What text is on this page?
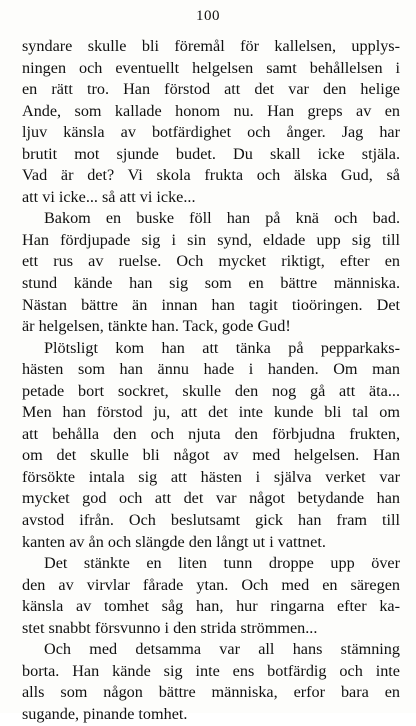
100
syndare skulle bli föremål för kallelsen, upplys-
ningen och eventuellt helgelsen samt behållelsen i
en rätt tro. Han förstod att det var den helige
Ande, som kallade honom nu. Han greps av en
ljuv känsla av botfärdighet och ånger. Jag har
brutit mot sjunde budet. Du skall icke stjäla.
Vad är det? Vi skola frukta och älska Gud, så
att vi icke... så att vi icke...
Bakom en buske föll han på knä och bad.
Han fördjupade sig i sin synd, eldade upp sig till
ett rus av ruelse. Och mycket riktigt, efter en
stund kände han sig som en bättre människa.
Nästan bättre än innan han tagit tioöringen. Det
är helgelsen, tänkte han. Tack, gode Gud!
Plötsligt kom han att tänka på pepparkaks-
hästen som han ännu hade i handen. Om man
petade bort sockret, skulle den nog gå att äta...
Men han förstod ju, att det inte kunde bli tal om
att behålla den och njuta den förbjudna frukten,
om det skulle bli något av med helgelsen. Han
försökte intala sig att hästen i själva verket var
mycket god och att det var något betydande han
avstod ifrån. Och beslutsamt gick han fram till
kanten av ån och slängde den långt ut i vattnet.
Det stänkte en liten tunn droppe upp över
den av virvlar fårade ytan. Och med en säregen
känsla av tomhet såg han, hur ringarna efter ka-
stet snabbt försvunno i den strida strömmen...
Och med detsamma var all hans stämning
borta. Han kände sig inte ens botfärdig och inte
alls som någon bättre människa, erfor bara en
sugande, pinande tomhet.
